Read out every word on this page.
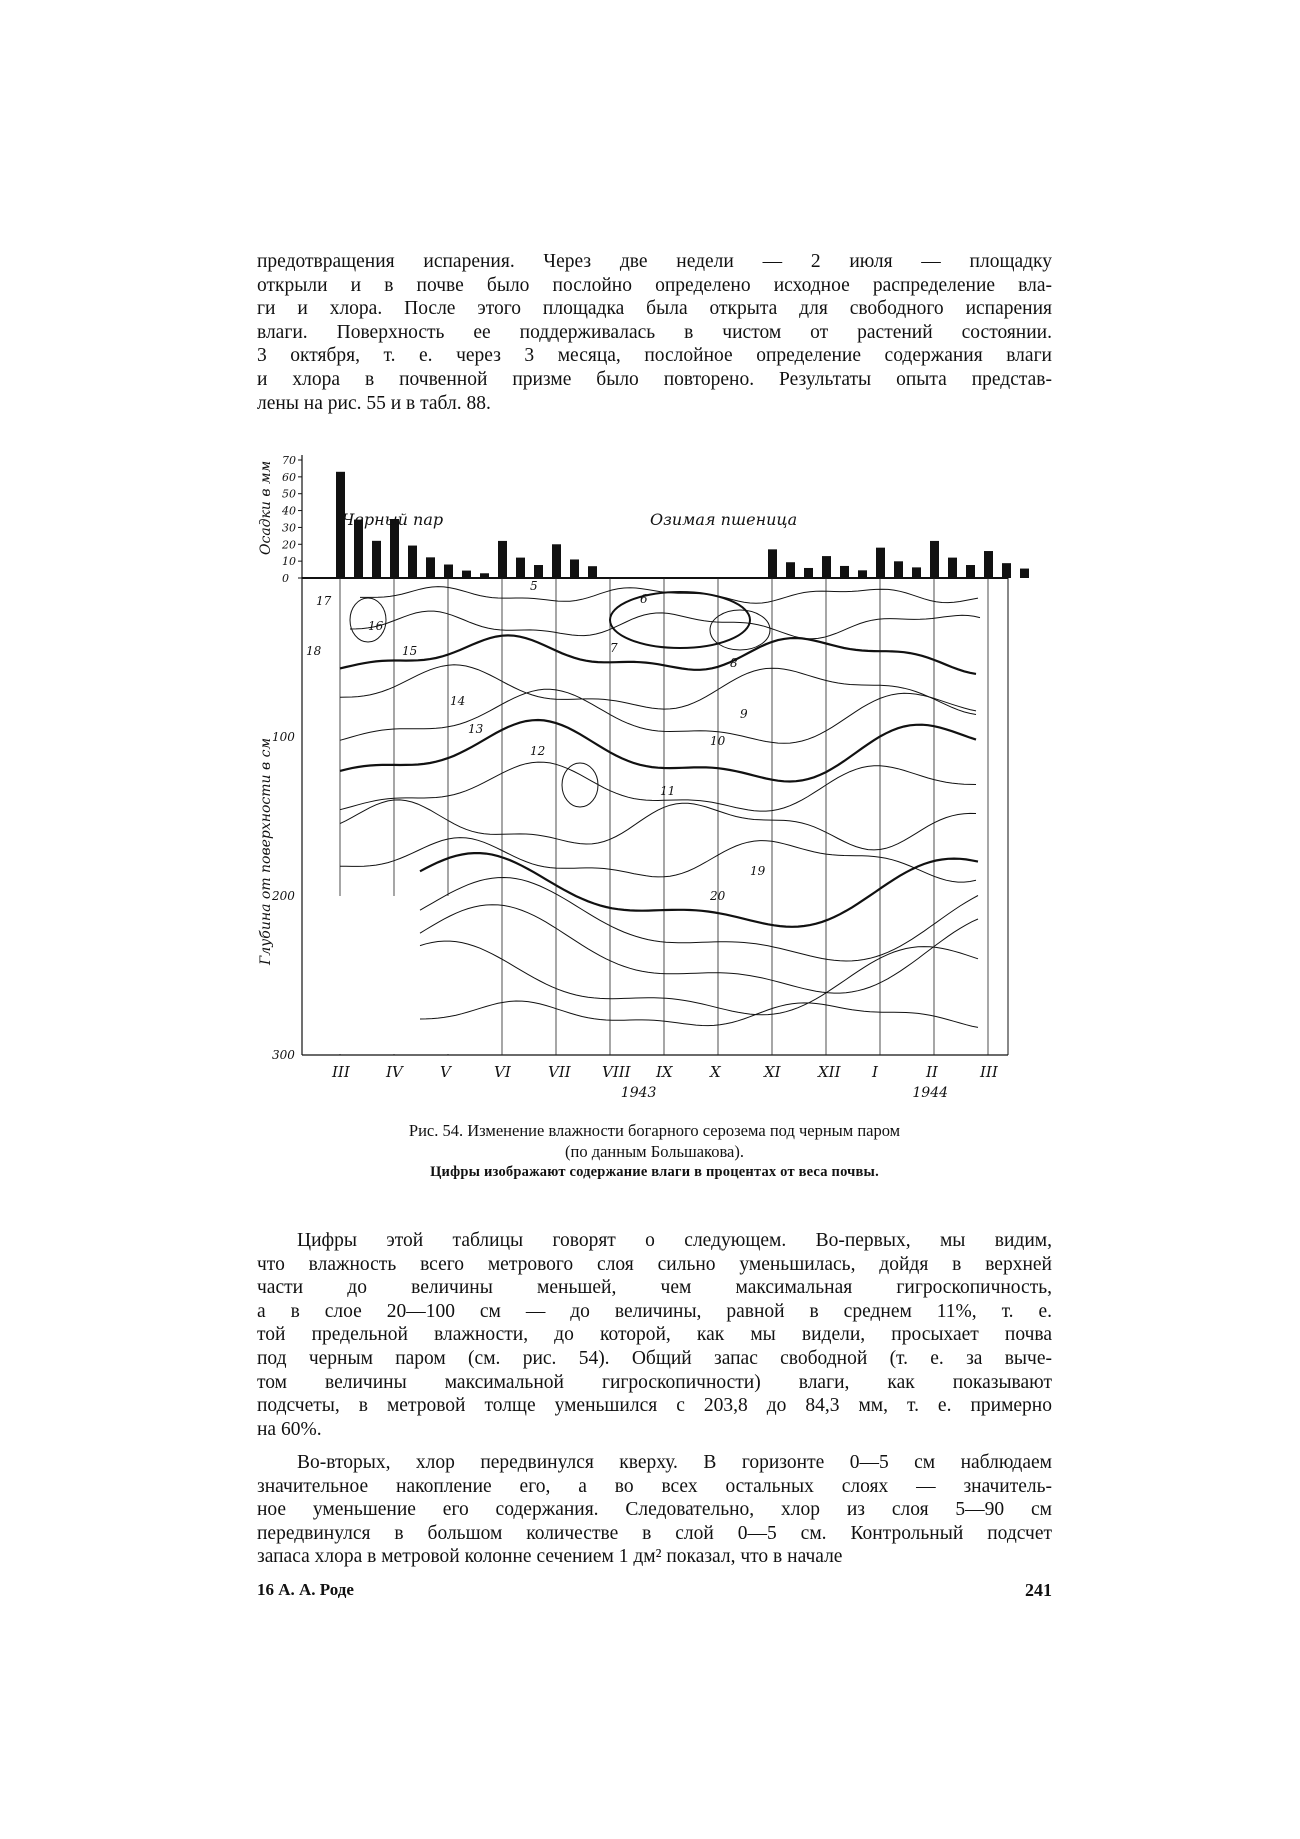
предотвращения испарения. Через две недели — 2 июля — площадку
открыли и в почве было послойно определено исходное распределение вла-
ги и хлора. После этого площадка была открыта для свободного испарения
влаги. Поверхность ее поддерживалась в чистом от растений состоянии.
3 октября, т. е. через 3 месяца, послойное определение содержания влаги
и хлора в почвенной призме было повторено. Результаты опыта представ-
лены на рис. 55 и в табл. 88.
70
60
50
40
30
20
10
0
Черный пар	Озимая пшеница
Осадки в мм
Глубина от поверхности в см
100
200
300
III IV V	VI VII VIII IX X	XI XII I	II	III
1943	1944
5
6
7
8
9
10
11
12
13
14
15
16
17
18
19
20

Рис. 54. Изменение влажности богарного сероземa под черным паром
(по данным Большакова).

Цифры изображают содержание влаги в процентах от веса почвы.

Цифры этой таблицы говорят о следующем. Во-первых, мы видим,
что влажность всего метрового слоя сильно уменьшилась, дойдя в верхней
части до величины меньшей, чем максимальная гигроскопичность,
а в слое 20—100 см — до величины, равной в среднем 11%, т. е.
той предельной влажности, до которой, как мы видели, просыхает почва
под черным паром (см. рис. 54). Общий запас свободной (т. е. за выче-
том величины максимальной гигроскопичности) влаги, как показывают
подсчеты, в метровой толще уменьшился с 203,8 до 84,3 мм, т. е. примерно
на 60%.
Во-вторых, хлор передвинулся кверху. В горизонте 0—5 см наблюдаем
значительное накопление его, а во всех остальных слоях — значитель-
ное уменьшение его содержания. Следовательно, хлор из слоя 5—90 см
передвинулся в большом количестве в слой 0—5 см. Контрольный подсчет
запаса хлора в метровой колонне сечением 1 дм² показал, что в начале
16 А. А. Роде	241
